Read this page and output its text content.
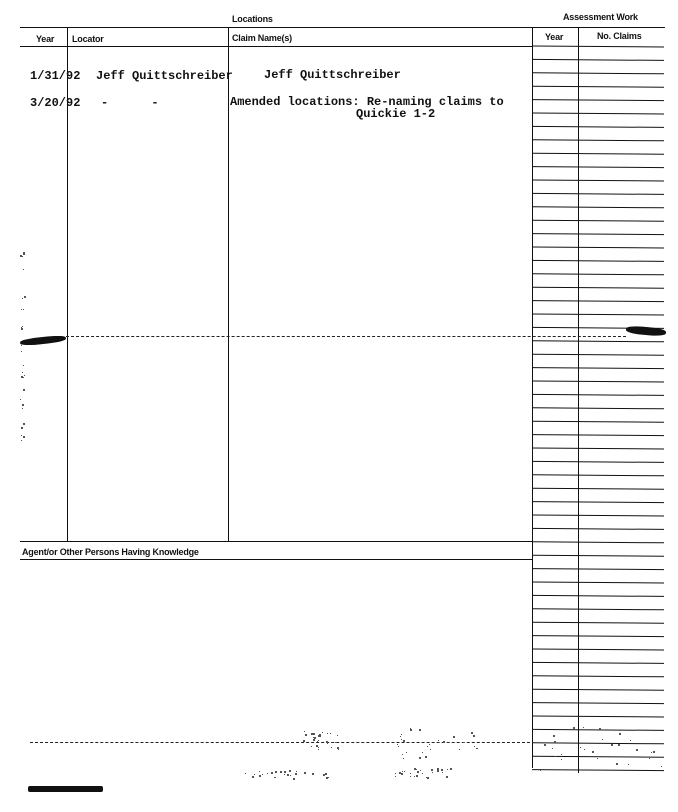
Locations	Assessment Work
Year Locator	Claim Name(s)	Year	No. Claims
1/31/92 Jeff Quittschreiber	Jeff Quittschreiber
3/20/92 -      -	Amended locations: Re-naming claims to
Quickie 1-2
Agent/or Other Persons Having Knowledge
